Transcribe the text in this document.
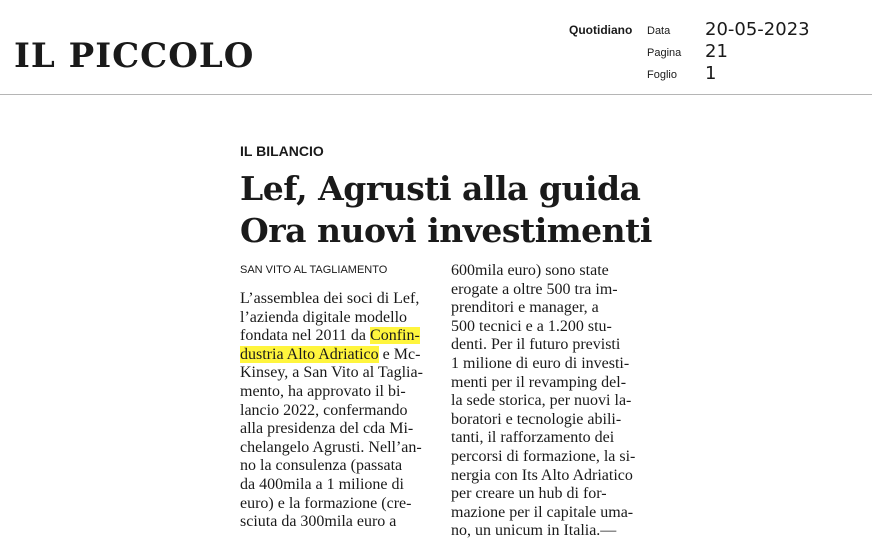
IL PICCOLO
Quotidiano Data 20-05-2023
Pagina 21
Foglio 1
IL BILANCIO
Lef, Agrusti alla guida
Ora nuovi investimenti
SAN VITO AL TAGLIAMENTO
L’assemblea dei soci di Lef,
l’azienda digitale modello
fondata nel 2011 da Confin-
dustria Alto Adriatico e Mc-
Kinsey, a San Vito al Taglia-
mento, ha approvato il bi-
lancio 2022, confermando
alla presidenza del cda Mi-
chelangelo Agrusti. Nell’an-
no la consulenza (passata
da 400mila a 1 milione di
euro) e la formazione (cre-
sciuta da 300mila euro a
600mila euro) sono state
erogate a oltre 500 tra im-
prenditori e manager, a
500 tecnici e a 1.200 stu-
denti. Per il futuro previsti
1 milione di euro di investi-
menti per il revamping del-
la sede storica, per nuovi la-
boratori e tecnologie abili-
tanti, il rafforzamento dei
percorsi di formazione, la si-
nergia con Its Alto Adriatico
per creare un hub di for-
mazione per il capitale uma-
no, un unicum in Italia.—
